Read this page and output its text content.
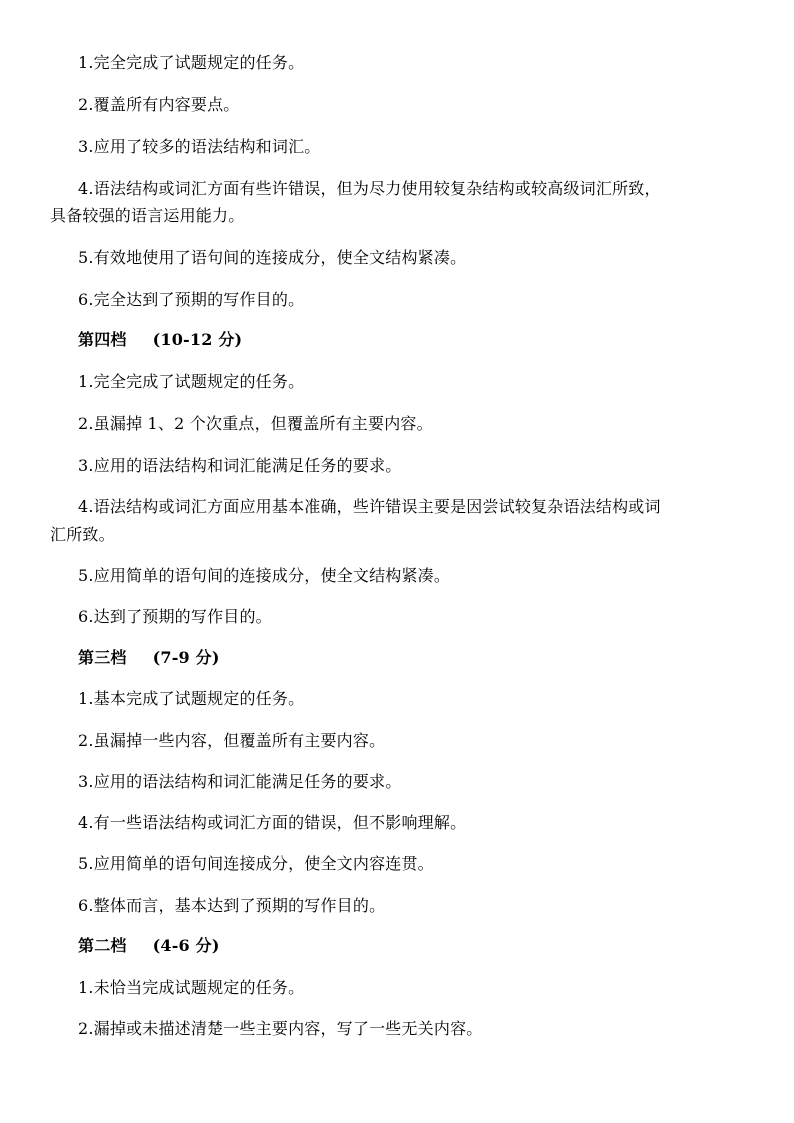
1.完全完成了试题规定的任务。
2.覆盖所有内容要点。
3.应用了较多的语法结构和词汇。
4.语法结构或词汇方面有些许错误，但为尽力使用较复杂结构或较高级词汇所致，
具备较强的语言运用能力。
5.有效地使用了语句间的连接成分，使全文结构紧凑。
6.完全达到了预期的写作目的。
第四档 (10-12 分)
1.完全完成了试题规定的任务。
2.虽漏掉 1、2 个次重点，但覆盖所有主要内容。
3.应用的语法结构和词汇能满足任务的要求。
4.语法结构或词汇方面应用基本准确，些许错误主要是因尝试较复杂语法结构或词
汇所致。
5.应用简单的语句间的连接成分，使全文结构紧凑。
6.达到了预期的写作目的。
第三档 (7-9 分)
1.基本完成了试题规定的任务。
2.虽漏掉一些内容，但覆盖所有主要内容。
3.应用的语法结构和词汇能满足任务的要求。
4.有一些语法结构或词汇方面的错误，但不影响理解。
5.应用简单的语句间连接成分，使全文内容连贯。
6.整体而言，基本达到了预期的写作目的。
第二档 (4-6 分)
1.未恰当完成试题规定的任务。
2.漏掉或未描述清楚一些主要内容，写了一些无关内容。
